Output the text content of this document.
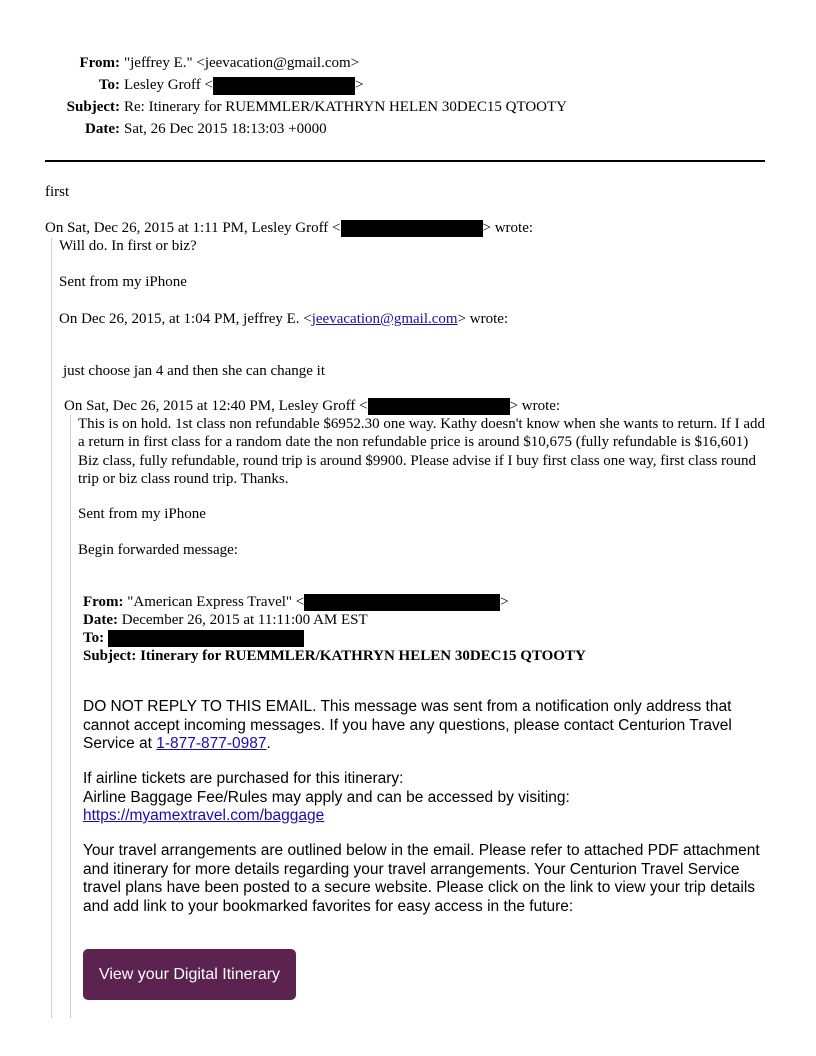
From: "jeffrey E." <jeevacation@gmail.com>
To: Lesley Groff <	>
Subject: Re: Itinerary for RUEMMLER/KATHRYN HELEN 30DEC15 QTOOTY
Date: Sat, 26 Dec 2015 18:13:03 +0000
first
On Sat, Dec 26, 2015 at 1:11 PM, Lesley Groff <	> wrote:
Will do. In first or biz?
Sent from my iPhone
On Dec 26, 2015, at 1:04 PM, jeffrey E. <jeevacation@gmail.com> wrote:
just choose jan 4 and then she can change it
On Sat, Dec 26, 2015 at 12:40 PM, Lesley Groff <	> wrote:
This is on hold. 1st class non refundable $6952.30 one way. Kathy doesn't know when she wants to return. If I add a return in first class for a random date the non refundable price is around $10,675 (fully refundable is $16,601) Biz class, fully refundable, round trip is around $9900. Please advise if I buy first class one way, first class round trip or biz class round trip. Thanks.
Sent from my iPhone
Begin forwarded message:
From: "American Express Travel" <	>
Date: December 26, 2015 at 11:11:00 AM EST
To:
Subject: Itinerary for RUEMMLER/KATHRYN HELEN 30DEC15 QTOOTY
DO NOT REPLY TO THIS EMAIL. This message was sent from a notification only address that cannot accept incoming messages. If you have any questions, please contact Centurion Travel Service at 1-877-877-0987.
If airline tickets are purchased for this itinerary:
Airline Baggage Fee/Rules may apply and can be accessed by visiting:
https://myamextravel.com/baggage
Your travel arrangements are outlined below in the email. Please refer to attached PDF attachment and itinerary for more details regarding your travel arrangements. Your Centurion Travel Service travel plans have been posted to a secure website. Please click on the link to view your trip details and add link to your bookmarked favorites for easy access in the future:
View your Digital Itinerary
